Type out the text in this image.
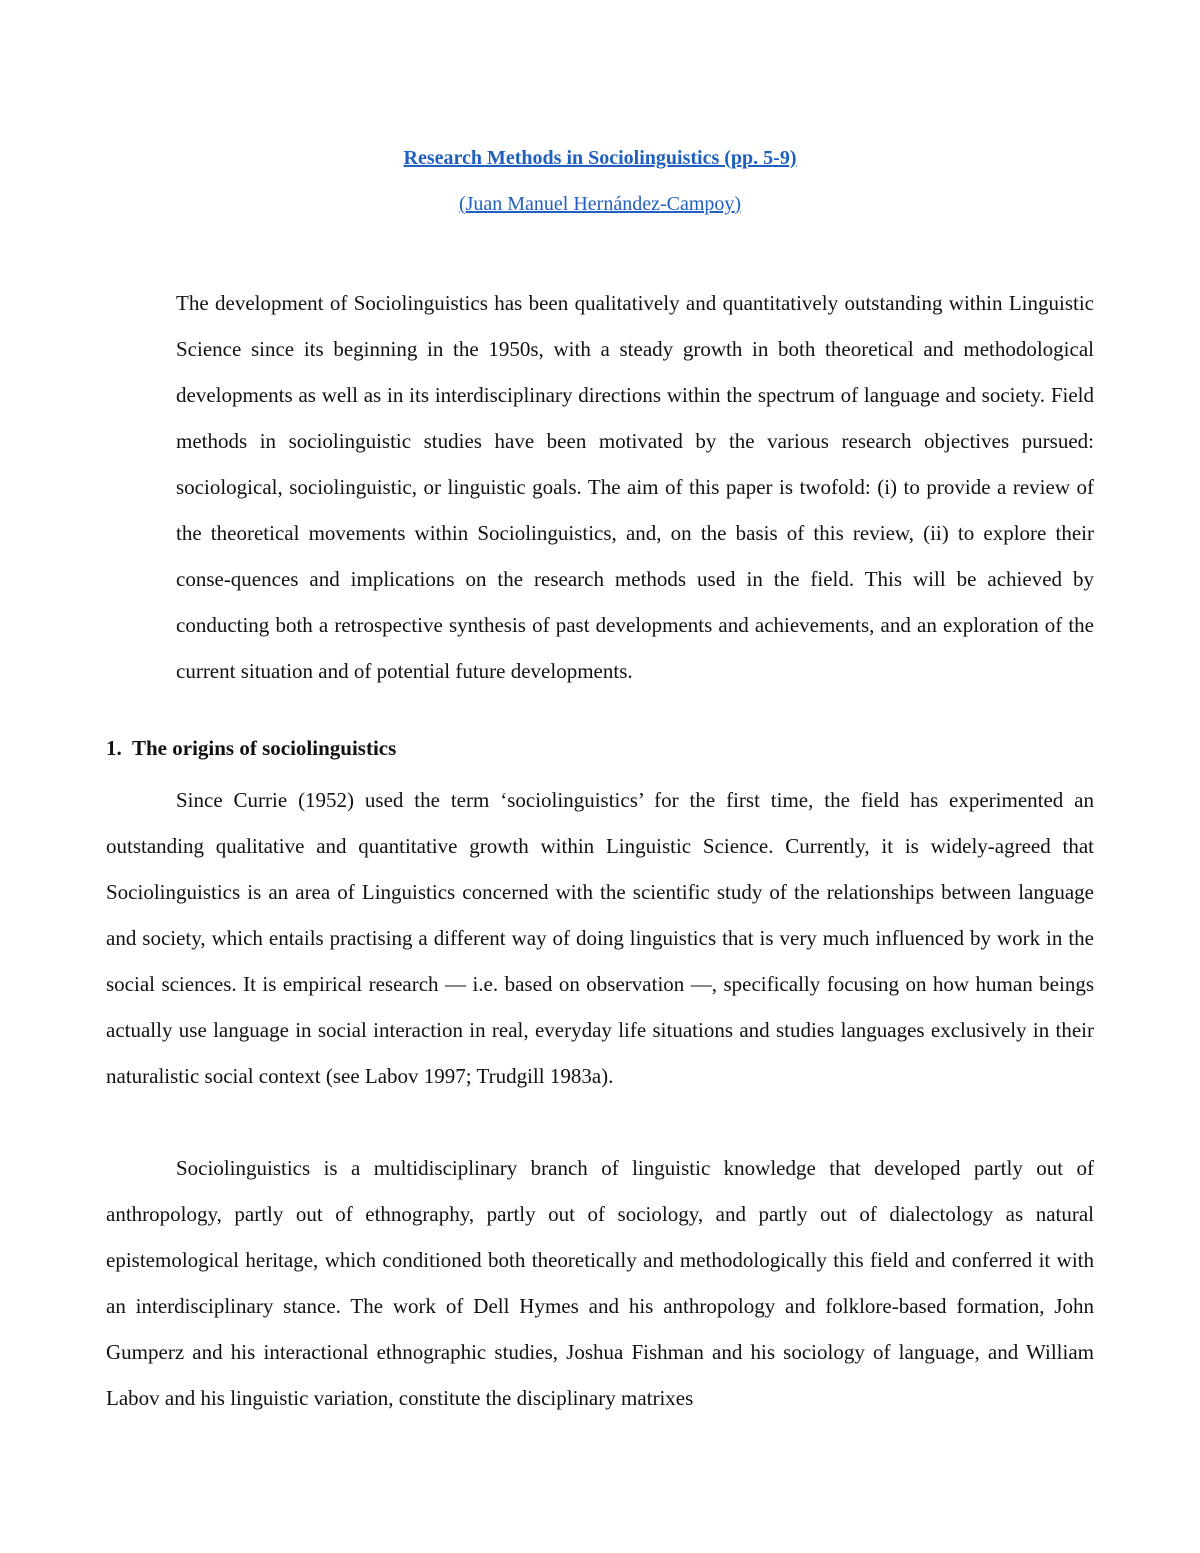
Research Methods in Sociolinguistics (pp. 5-9)
(Juan Manuel Hernández-Campoy)

The development of Sociolinguistics has been qualitatively and quantitatively outstanding within Linguistic Science since its beginning in the 1950s, with a steady growth in both theoretical and methodological developments as well as in its interdisciplinary directions within the spectrum of language and society. Field methods in sociolinguistic studies have been motivated by the various research objectives pursued: sociological, sociolinguistic, or linguistic goals. The aim of this paper is twofold: (i) to provide a review of the theoretical movements within Sociolinguistics, and, on the basis of this review, (ii) to explore their conse-quences and implications on the research methods used in the field. This will be achieved by conducting both a retrospective synthesis of past developments and achievements, and an exploration of the current situation and of potential future developments.

1. The origins of sociolinguistics

Since Currie (1952) used the term ‘sociolinguistics’ for the first time, the field has experimented an outstanding qualitative and quantitative growth within Linguistic Science. Currently, it is widely-agreed that Sociolinguistics is an area of Linguistics concerned with the scientific study of the relationships between language and society, which entails practising a different way of doing linguistics that is very much influenced by work in the social sciences. It is empirical research — i.e. based on observation —, specifically focusing on how human beings actually use language in social interaction in real, everyday life situations and studies languages exclusively in their naturalistic social context (see Labov 1997; Trudgill 1983a).

Sociolinguistics is a multidisciplinary branch of linguistic knowledge that developed partly out of anthropology, partly out of ethnography, partly out of sociology, and partly out of dialectology as natural epistemological heritage, which conditioned both theoretically and methodologically this field and conferred it with an interdisciplinary stance. The work of Dell Hymes and his anthropology and folklore-based formation, John Gumperz and his interactional ethnographic studies, Joshua Fishman and his sociology of language, and William Labov and his linguistic variation, constitute the disciplinary matrixes
